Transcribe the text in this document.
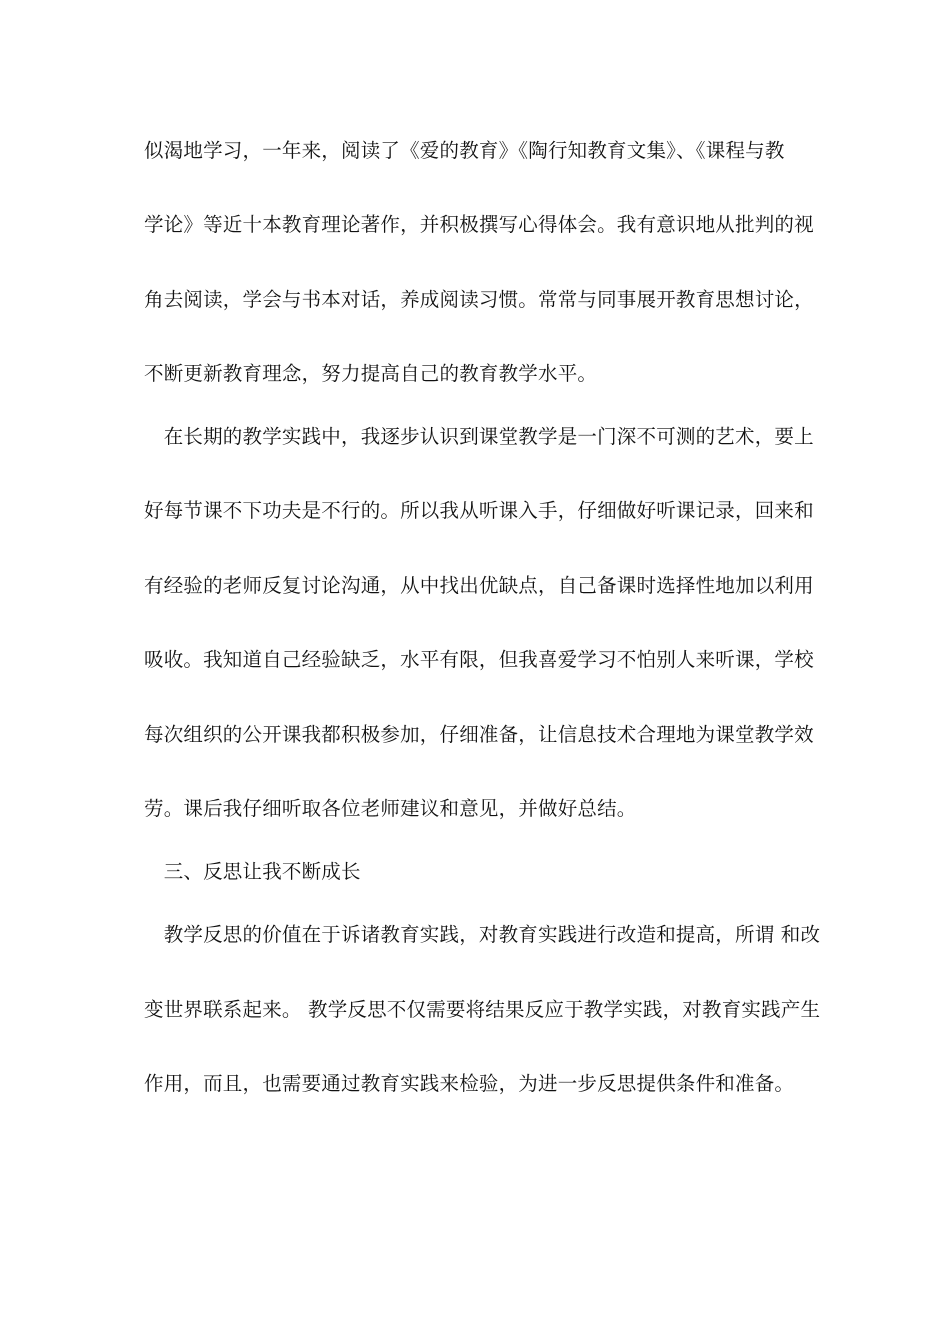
似渴地学习，一年来，阅读了《爱的教育》《陶行知教育文集》、《课程与教
学论》等近十本教育理论著作，并积极撰写心得体会。我有意识地从批判的视
角去阅读，学会与书本对话，养成阅读习惯。常常与同事展开教育思想讨论，
不断更新教育理念，努力提高自己的教育教学水平。
　在长期的教学实践中，我逐步认识到课堂教学是一门深不可测的艺术，要上
好每节课不下功夫是不行的。所以我从听课入手，仔细做好听课记录，回来和
有经验的老师反复讨论沟通，从中找出优缺点，自己备课时选择性地加以利用
吸收。我知道自己经验缺乏，水平有限，但我喜爱学习不怕别人来听课，学校
每次组织的公开课我都积极参加，仔细准备，让信息技术合理地为课堂教学效
劳。课后我仔细听取各位老师建议和意见，并做好总结。
　三、反思让我不断成长
　教学反思的价值在于诉诸教育实践，对教育实践进行改造和提高，所谓 和改
变世界联系起来。 教学反思不仅需要将结果反应于教学实践，对教育实践产生
作用，而且，也需要通过教育实践来检验，为进一步反思提供条件和准备。
